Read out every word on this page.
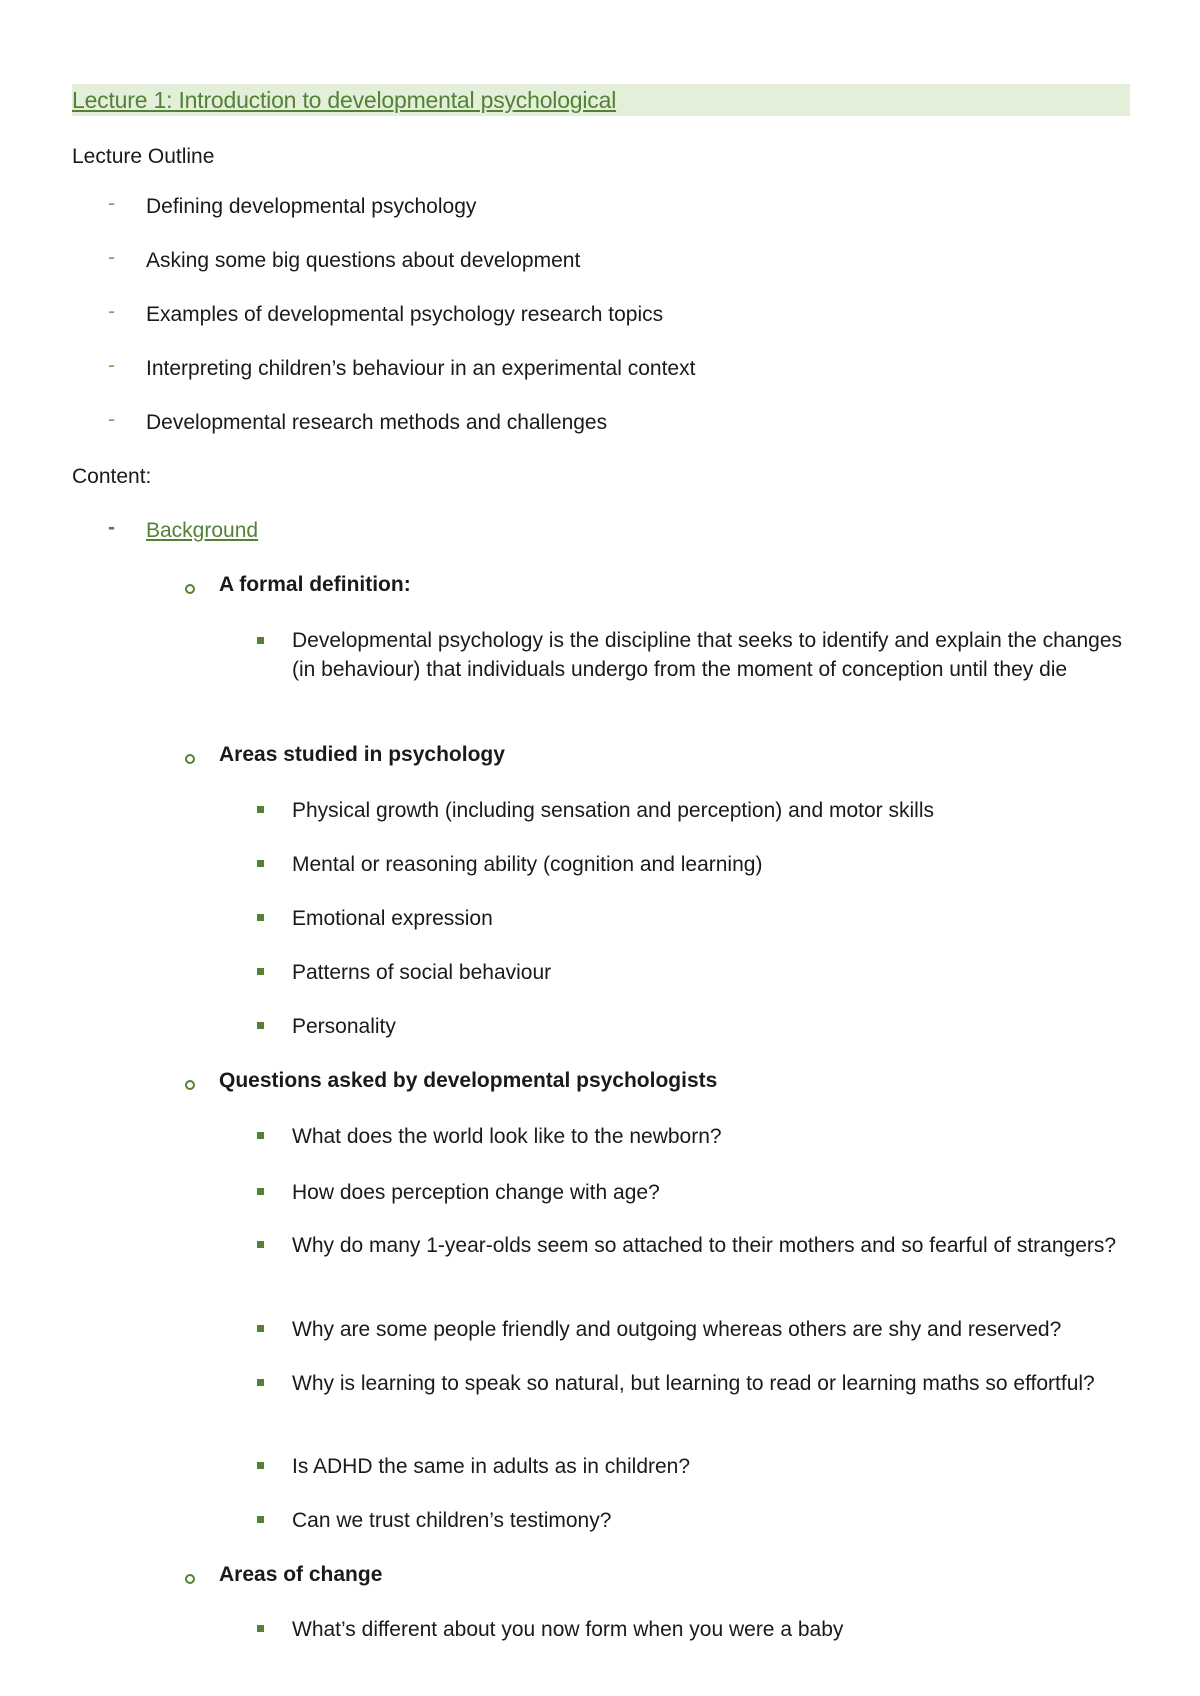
Lecture 1: Introduction to developmental psychological
Lecture Outline
- Defining developmental psychology
- Asking some big questions about development
- Examples of developmental psychology research topics
- Interpreting children’s behaviour in an experimental context
- Developmental research methods and challenges
Content:
- Background
A formal definition:
Developmental psychology is the discipline that seeks to identify and explain the changes (in behaviour) that individuals undergo from the moment of conception until they die
Areas studied in psychology
Physical growth (including sensation and perception) and motor skills
Mental or reasoning ability (cognition and learning)
Emotional expression
Patterns of social behaviour
Personality
Questions asked by developmental psychologists
What does the world look like to the newborn?
How does perception change with age?
Why do many 1-year-olds seem so attached to their mothers and so fearful of strangers?
Why are some people friendly and outgoing whereas others are shy and reserved?
Why is learning to speak so natural, but learning to read or learning maths so effortful?
Is ADHD the same in adults as in children?
Can we trust children’s testimony?
Areas of change
What’s different about you now form when you were a baby
